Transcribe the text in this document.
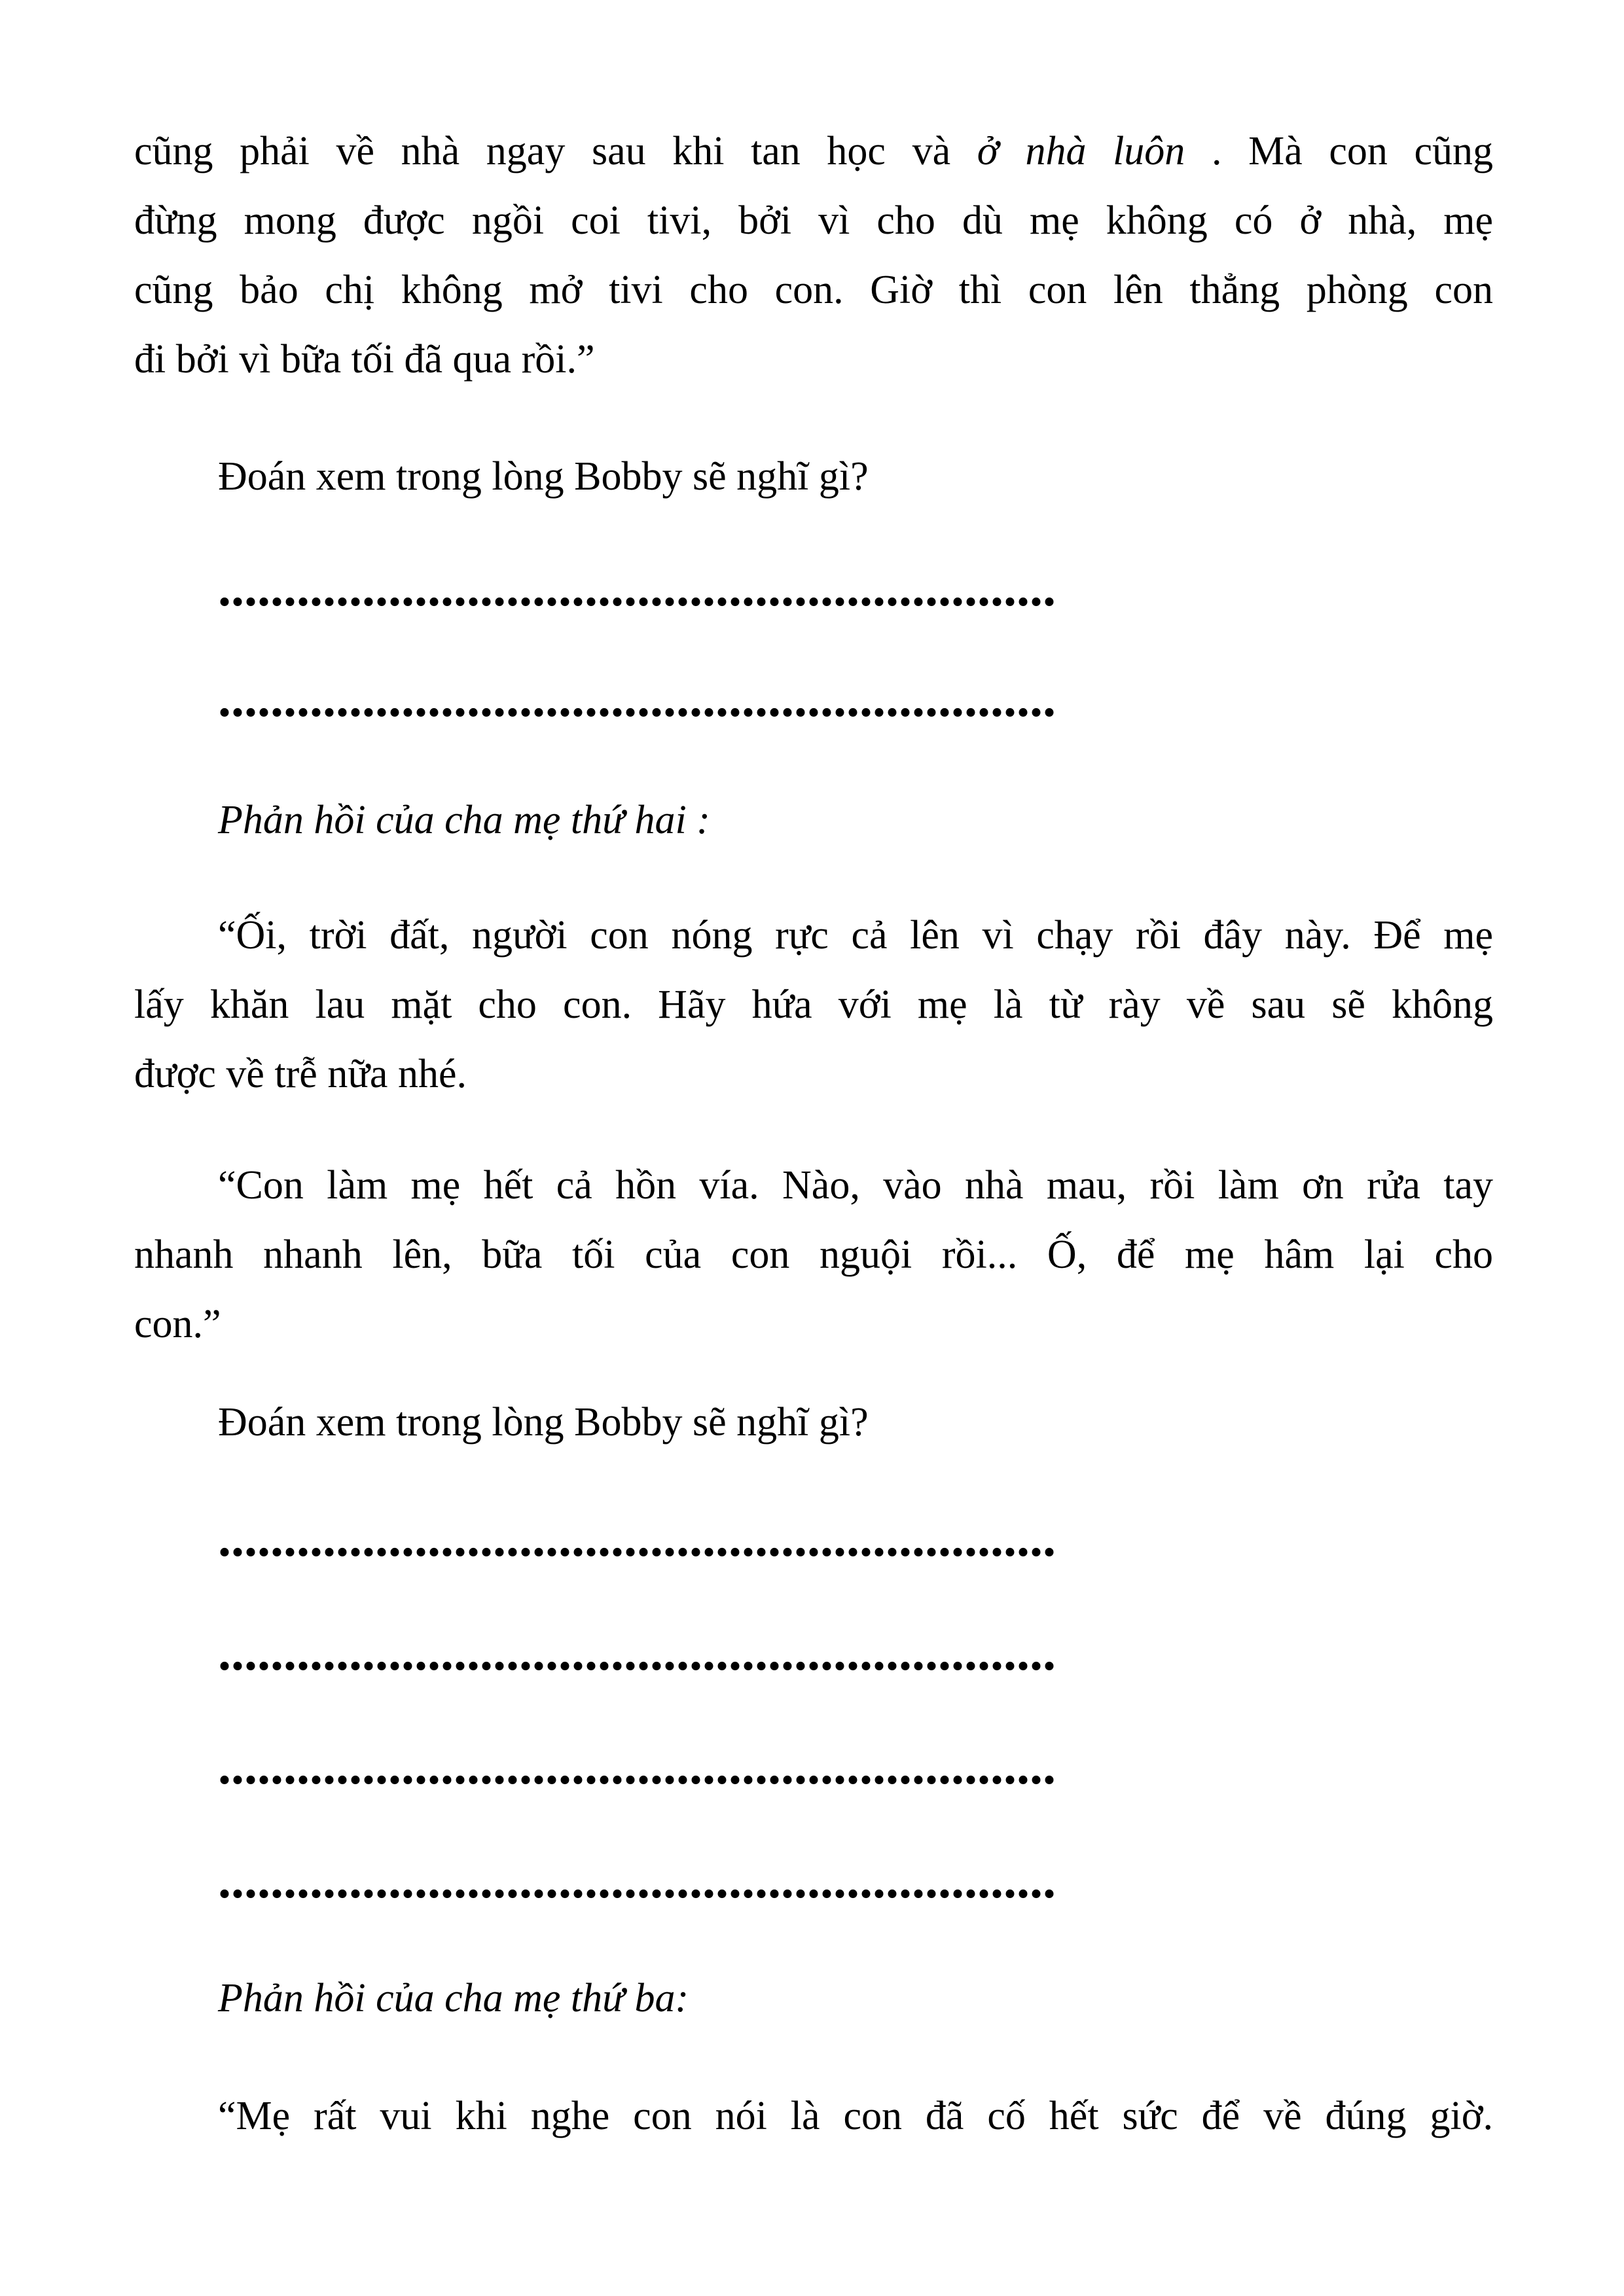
cũng phải về nhà ngay sau khi tan học và ở nhà luôn . Mà con cũng
đừng mong được ngồi coi tivi, bởi vì cho dù mẹ không có ở nhà, mẹ
cũng bảo chị không mở tivi cho con. Giờ thì con lên thẳng phòng con
đi bởi vì bữa tối đã qua rồi.”
Đoán xem trong lòng Bobby sẽ nghĩ gì?
................................................................
................................................................
Phản hồi của cha mẹ thứ hai :
“Ối, trời đất, người con nóng rực cả lên vì chạy rồi đây này. Để mẹ
lấy khăn lau mặt cho con. Hãy hứa với mẹ là từ rày về sau sẽ không
được về trễ nữa nhé.
“Con làm mẹ hết cả hồn vía. Nào, vào nhà mau, rồi làm ơn rửa tay
nhanh nhanh lên, bữa tối của con nguội rồi... Ố, để mẹ hâm lại cho
con.”
Đoán xem trong lòng Bobby sẽ nghĩ gì?
................................................................
................................................................
................................................................
................................................................
Phản hồi của cha mẹ thứ ba:
“Mẹ rất vui khi nghe con nói là con đã cố hết sức để về đúng giờ.
